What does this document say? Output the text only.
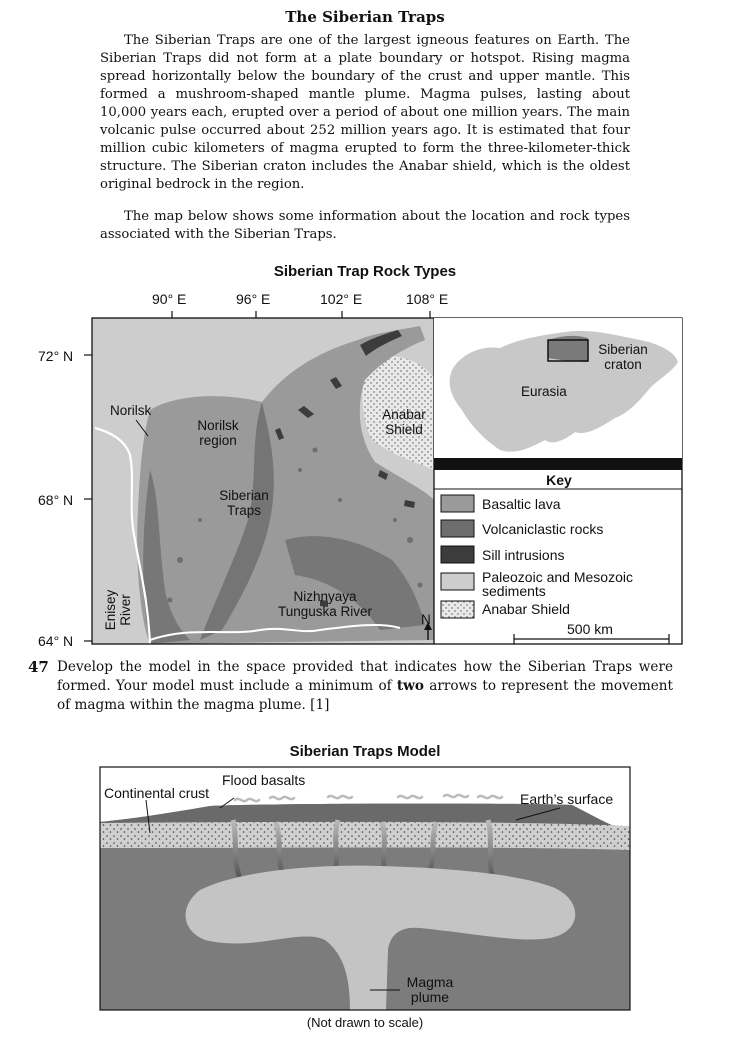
The Siberian Traps

The Siberian Traps are one of the largest igneous features on Earth. The Siberian Traps did not form at a plate boundary or hotspot. Rising magma spread horizontally below the boundary of the crust and upper mantle. This formed a mushroom-shaped mantle plume. Magma pulses, lasting about 10,000 years each, erupted over a period of about one million years. The main volcanic pulse occurred about 252 million years ago. It is estimated that four million cubic kilometers of magma erupted to form the three-kilometer-thick structure. The Siberian craton includes the Anabar shield, which is the oldest original bedrock in the region.

The map below shows some information about the location and rock types associated with the Siberian Traps.

Siberian Trap Rock Types
90° E	96° E	102° E	108° E
72° N
68° N
64° N
Norilsk
Norilsk
region
Siberian
Traps
Anabar
Shield
Nizhnyaya
Tunguska River
Enisey
River	N
Siberian
craton
Eurasia
Key
Basaltic lava
Volcaniclastic rocks
Sill intrusions
Paleozoic and Mesozoic
sediments
Anabar Shield
500 km
47 Develop the model in the space provided that indicates how the Siberian Traps were formed. Your model must include a minimum of two arrows to represent the movement of magma within the magma plume. [1]

Siberian Traps Model
Flood basalts
Continental crust	Earth’s surface
Magma
plume
(Not drawn to scale)
